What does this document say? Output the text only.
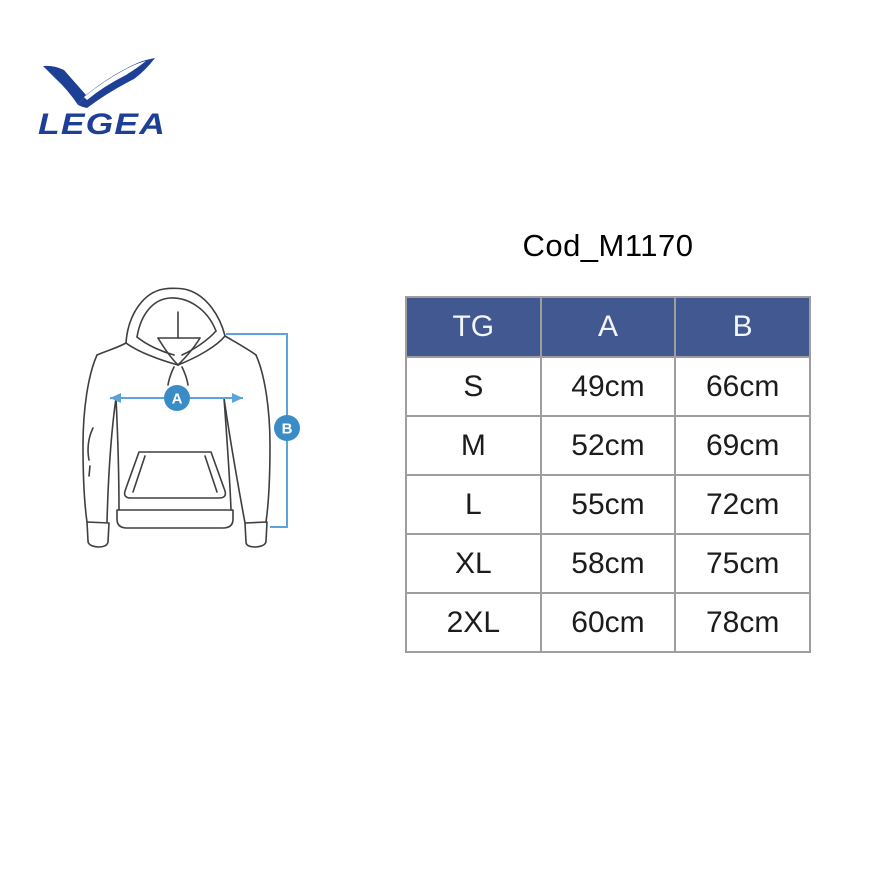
LEGEA
Cod_M1170
A
B
TG	A	B
S	49cm	66cm
M	52cm	69cm
L	55cm	72cm
XL	58cm	75cm
2XL	60cm	78cm
